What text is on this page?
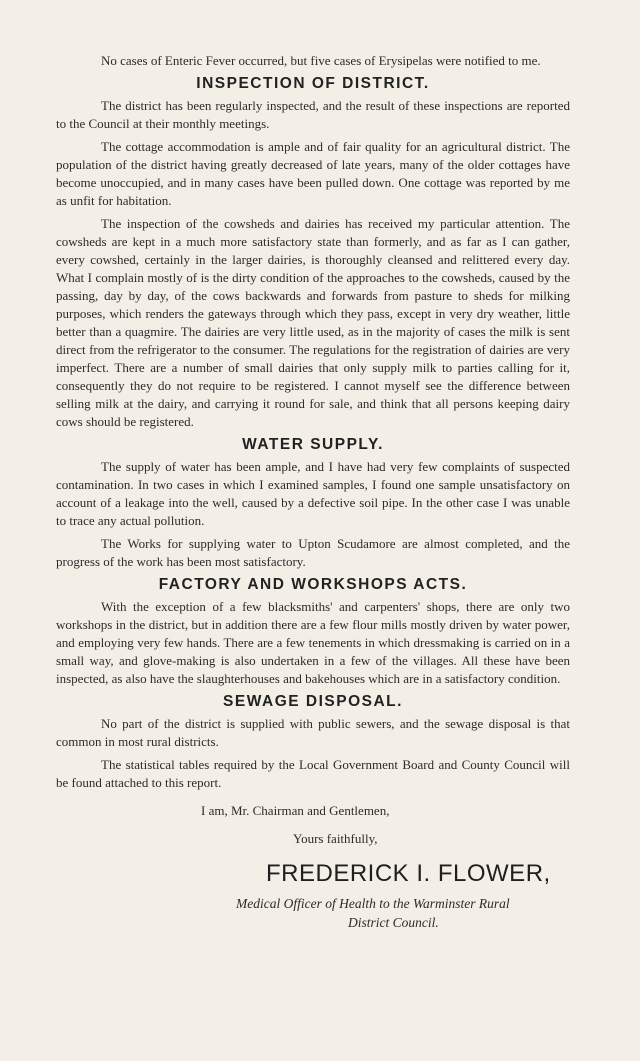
No cases of Enteric Fever occurred, but five cases of Erysipelas were notified to me.

INSPECTION OF DISTRICT.

The district has been regularly inspected, and the result of these inspections are reported to the Council at their monthly meetings.

The cottage accommodation is ample and of fair quality for an agricultural district. The population of the district having greatly decreased of late years, many of the older cottages have become unoccupied, and in many cases have been pulled down. One cottage was reported by me as unfit for habitation.

The inspection of the cowsheds and dairies has received my particular attention. The cowsheds are kept in a much more satisfactory state than formerly, and as far as I can gather, every cowshed, certainly in the larger dairies, is thoroughly cleansed and relittered every day. What I complain mostly of is the dirty condition of the approaches to the cowsheds, caused by the passing, day by day, of the cows backwards and forwards from pasture to sheds for milking purposes, which renders the gateways through which they pass, except in very dry weather, little better than a quagmire. The dairies are very little used, as in the majority of cases the milk is sent direct from the refrigerator to the consumer. The regulations for the registration of dairies are very imperfect. There are a number of small dairies that only supply milk to parties calling for it, consequently they do not require to be registered. I cannot myself see the difference between selling milk at the dairy, and carrying it round for sale, and think that all persons keeping dairy cows should be registered.

WATER SUPPLY.

The supply of water has been ample, and I have had very few complaints of suspected contamination. In two cases in which I examined samples, I found one sample unsatisfactory on account of a leakage into the well, caused by a defective soil pipe. In the other case I was unable to trace any actual pollution.

The Works for supplying water to Upton Scudamore are almost completed, and the progress of the work has been most satisfactory.

FACTORY AND WORKSHOPS ACTS.

With the exception of a few blacksmiths' and carpenters' shops, there are only two workshops in the district, but in addition there are a few flour mills mostly driven by water power, and employing very few hands. There are a few tenements in which dressmaking is carried on in a small way, and glove-making is also undertaken in a few of the villages. All these have been inspected, as also have the slaughterhouses and bakehouses which are in a satisfactory condition.

SEWAGE DISPOSAL.

No part of the district is supplied with public sewers, and the sewage disposal is that common in most rural districts.

The statistical tables required by the Local Government Board and County Council will be found attached to this report.

I am, Mr. Chairman and Gentlemen,
Yours faithfully,
FREDERICK I. FLOWER,
Medical Officer of Health to the Warminster Rural
District Council.
